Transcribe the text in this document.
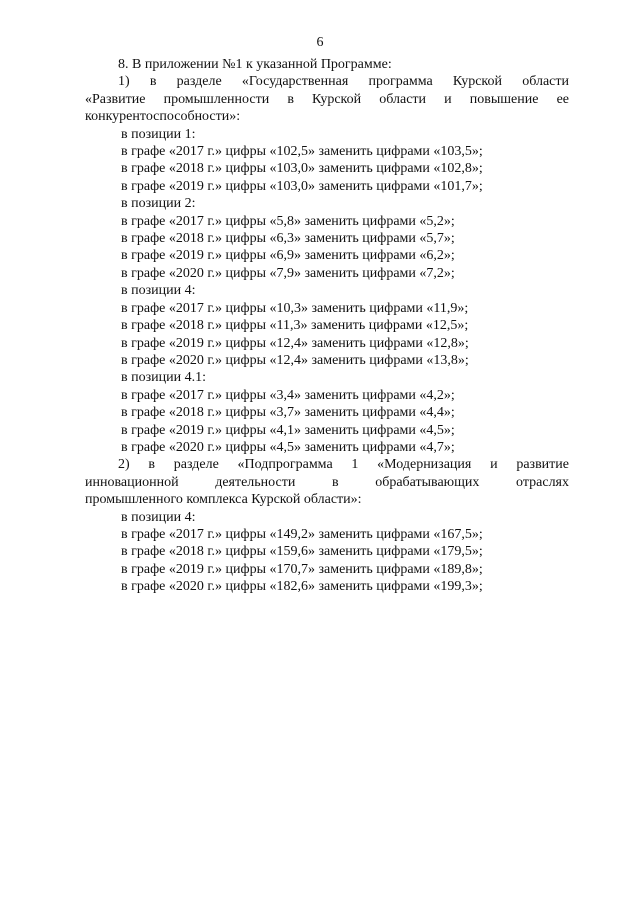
6
8. В приложении №1 к указанной Программе:
1) в разделе «Государственная программа Курской области
«Развитие промышленности в Курской области и повышение ее
конкурентоспособности»:
в позиции 1:
в графе «2017 г.» цифры «102,5» заменить цифрами «103,5»;
в графе «2018 г.» цифры «103,0» заменить цифрами «102,8»;
в графе «2019 г.» цифры «103,0» заменить цифрами «101,7»;
в позиции 2:
в графе «2017 г.» цифры «5,8» заменить цифрами «5,2»;
в графе «2018 г.» цифры «6,3» заменить цифрами «5,7»;
в графе «2019 г.» цифры «6,9» заменить цифрами «6,2»;
в графе «2020 г.» цифры «7,9» заменить цифрами «7,2»;
в позиции 4:
в графе «2017 г.» цифры «10,3» заменить цифрами «11,9»;
в графе «2018 г.» цифры «11,3» заменить цифрами «12,5»;
в графе «2019 г.» цифры «12,4» заменить цифрами «12,8»;
в графе «2020 г.» цифры «12,4» заменить цифрами «13,8»;
в позиции 4.1:
в графе «2017 г.» цифры «3,4» заменить цифрами «4,2»;
в графе «2018 г.» цифры «3,7» заменить цифрами «4,4»;
в графе «2019 г.» цифры «4,1» заменить цифрами «4,5»;
в графе «2020 г.» цифры «4,5» заменить цифрами «4,7»;
2) в разделе «Подпрограмма 1 «Модернизация и развитие
инновационной деятельности в обрабатывающих отраслях
промышленного комплекса Курской области»:
в позиции 4:
в графе «2017 г.» цифры «149,2» заменить цифрами «167,5»;
в графе «2018 г.» цифры «159,6» заменить цифрами «179,5»;
в графе «2019 г.» цифры «170,7» заменить цифрами «189,8»;
в графе «2020 г.» цифры «182,6» заменить цифрами «199,3»;
